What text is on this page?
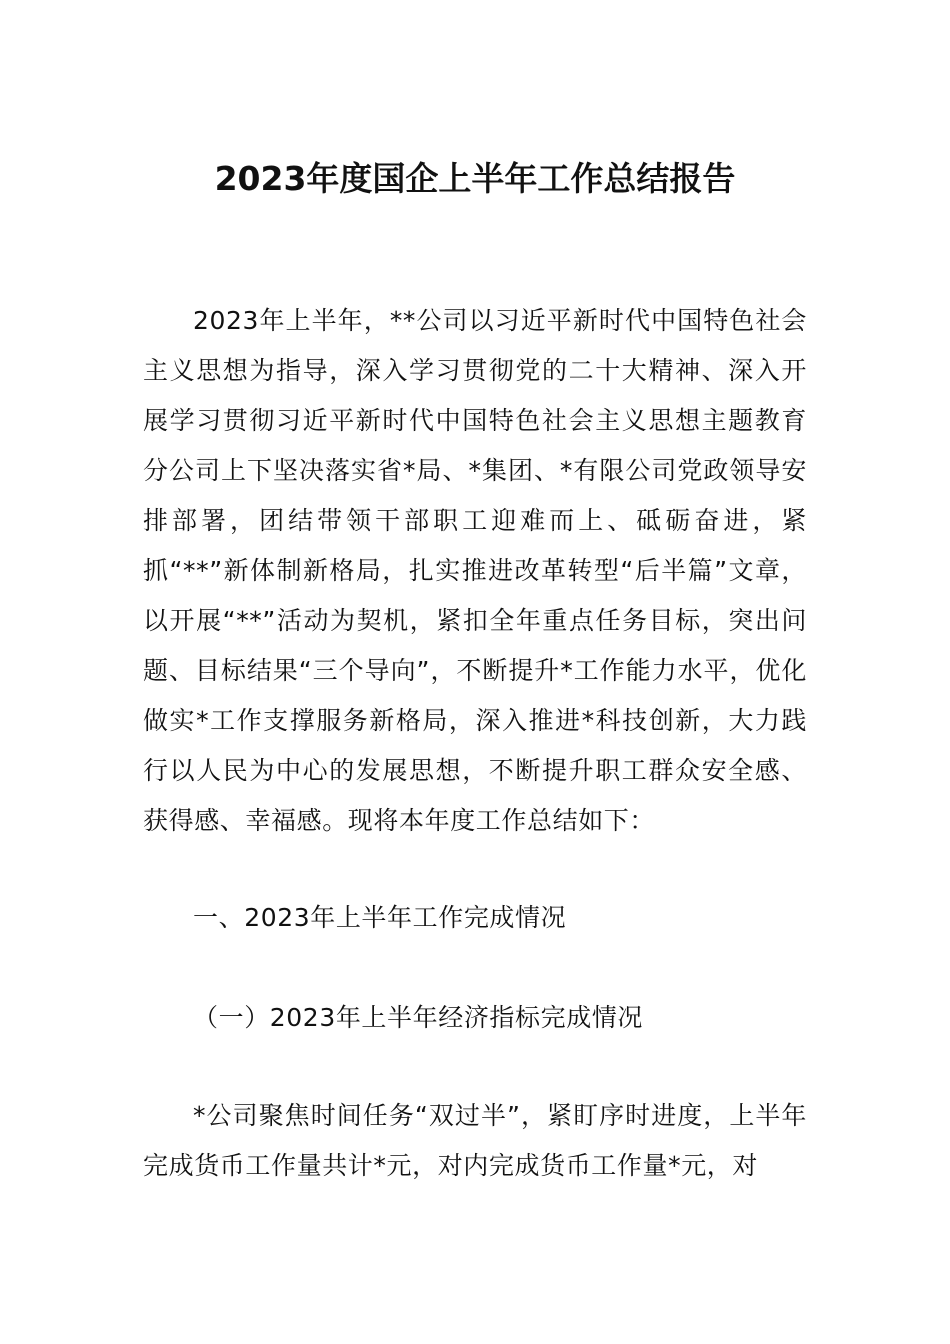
2023年度国企上半年工作总结报告

2023年上半年，**公司以习近平新时代中国特色社会主义思想为指导，深入学习贯彻党的二十大精神、深入开展学习贯彻习近平新时代中国特色社会主义思想主题教育分公司上下坚决落实省*局、*集团、*有限公司党政领导安排部署，团结带领干部职工迎难而上、砥砺奋进，紧抓“**”新体制新格局，扎实推进改革转型“后半篇”文章，以开展“**”活动为契机，紧扣全年重点任务目标，突出问题、目标结果“三个导向”，不断提升*工作能力水平，优化做实*工作支撑服务新格局，深入推进*科技创新，大力践行以人民为中心的发展思想，不断提升职工群众安全感、获得感、幸福感。现将本年度工作总结如下：

一、2023年上半年工作完成情况

（一）2023年上半年经济指标完成情况

*公司聚焦时间任务“双过半”，紧盯序时进度，上半年完成货币工作量共计*元，对内完成货币工作量*元，对
